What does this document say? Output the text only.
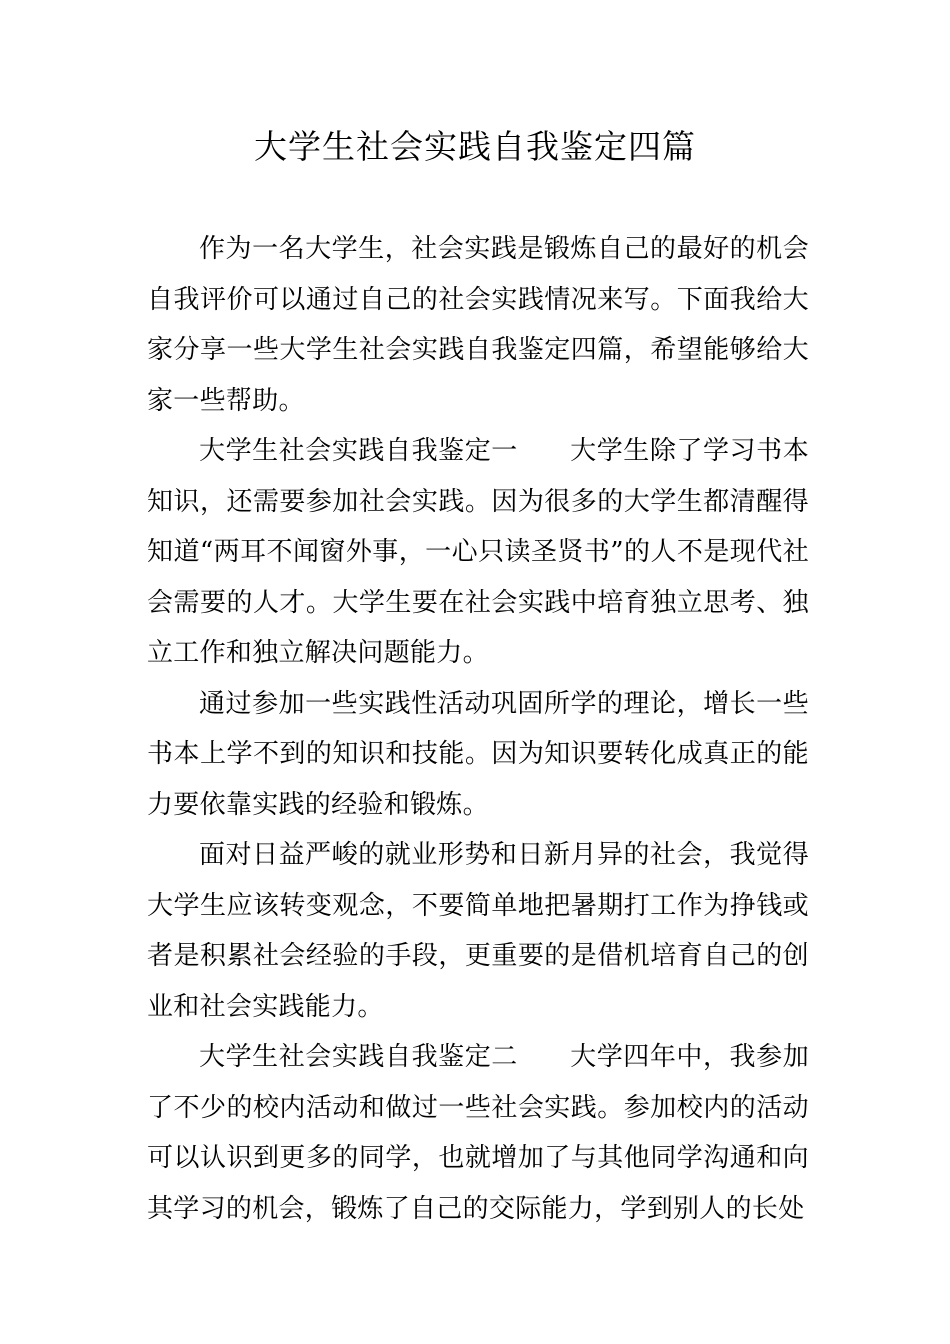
大学生社会实践自我鉴定四篇

作为一名大学生，社会实践是锻炼自己的最好的机会自我评价可以通过自己的社会实践情况来写。下面我给大家分享一些大学生社会实践自我鉴定四篇，希望能够给大家一些帮助。

大学生社会实践自我鉴定一 大学生除了学习书本知识，还需要参加社会实践。因为很多的大学生都清醒得知道“两耳不闻窗外事，一心只读圣贤书”的人不是现代社会需要的人才。大学生要在社会实践中培育独立思考、独立工作和独立解决问题能力。

通过参加一些实践性活动巩固所学的理论，增长一些书本上学不到的知识和技能。因为知识要转化成真正的能力要依靠实践的经验和锻炼。

面对日益严峻的就业形势和日新月异的社会，我觉得大学生应该转变观念，不要简单地把暑期打工作为挣钱或者是积累社会经验的手段，更重要的是借机培育自己的创业和社会实践能力。

大学生社会实践自我鉴定二 大学四年中，我参加了不少的校内活动和做过一些社会实践。参加校内的活动可以认识到更多的同学，也就增加了与其他同学沟通和向其学习的机会，锻炼了自己的交际能力，学到别人的长处
